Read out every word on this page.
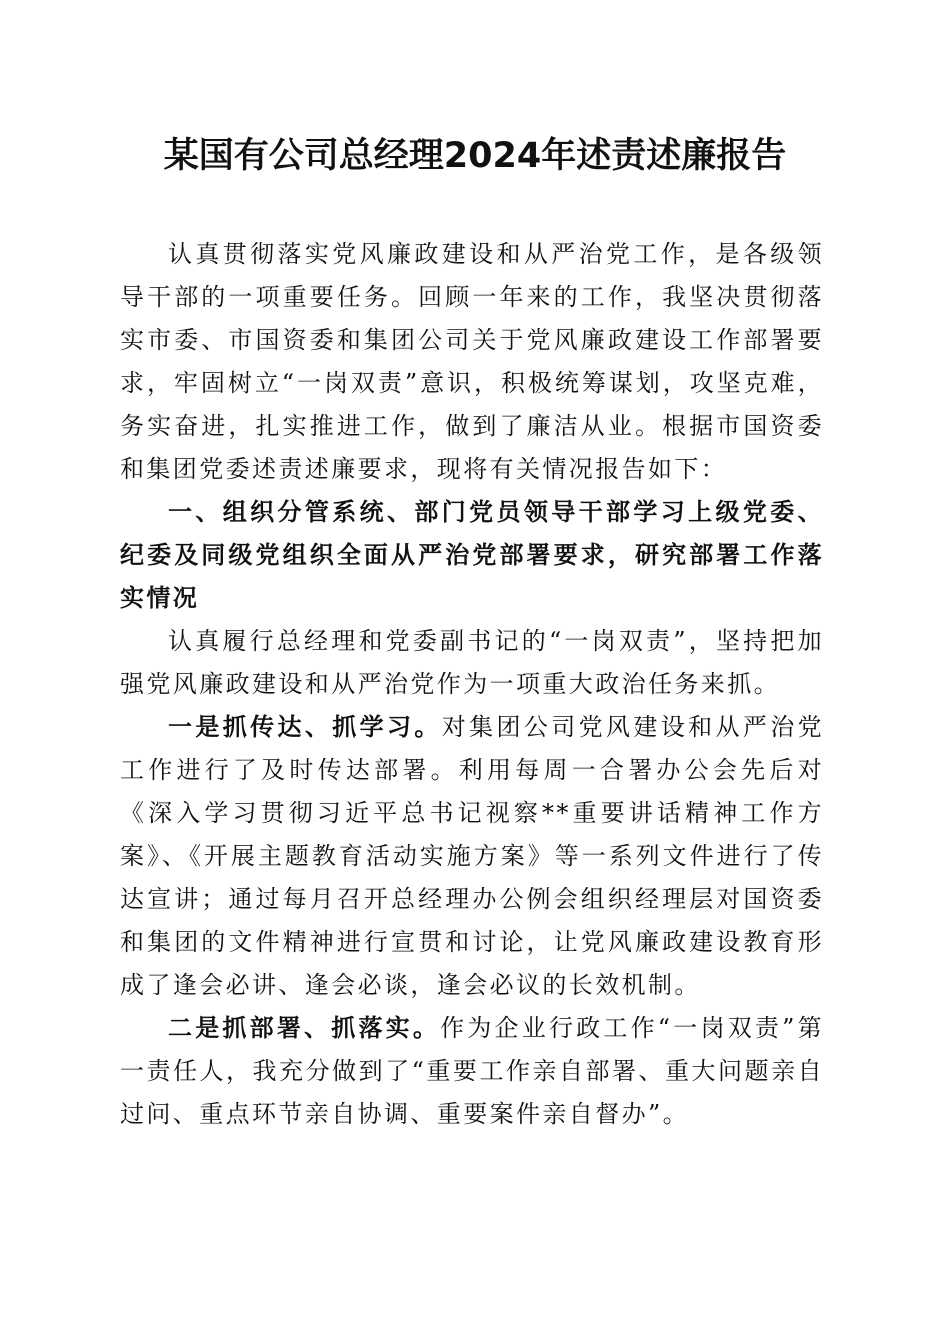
某国有公司总经理2024年述责述廉报告

认真贯彻落实党风廉政建设和从严治党工作，是各级领导干部的一项重要任务。回顾一年来的工作，我坚决贯彻落实市委、市国资委和集团公司关于党风廉政建设工作部署要求，牢固树立“一岗双责”意识，积极统筹谋划，攻坚克难，务实奋进，扎实推进工作，做到了廉洁从业。根据市国资委和集团党委述责述廉要求，现将有关情况报告如下：

一、组织分管系统、部门党员领导干部学习上级党委、纪委及同级党组织全面从严治党部署要求，研究部署工作落实情况

认真履行总经理和党委副书记的“一岗双责”，坚持把加强党风廉政建设和从严治党作为一项重大政治任务来抓。

一是抓传达、抓学习。对集团公司党风建设和从严治党工作进行了及时传达部署。利用每周一合署办公会先后对《深入学习贯彻习近平总书记视察**重要讲话精神工作方案》、《开展主题教育活动实施方案》等一系列文件进行了传达宣讲；通过每月召开总经理办公例会组织经理层对国资委和集团的文件精神进行宣贯和讨论，让党风廉政建设教育形成了逢会必讲、逢会必谈，逢会必议的长效机制。

二是抓部署、抓落实。作为企业行政工作“一岗双责”第一责任人，我充分做到了“重要工作亲自部署、重大问题亲自过问、重点环节亲自协调、重要案件亲自督办”。
